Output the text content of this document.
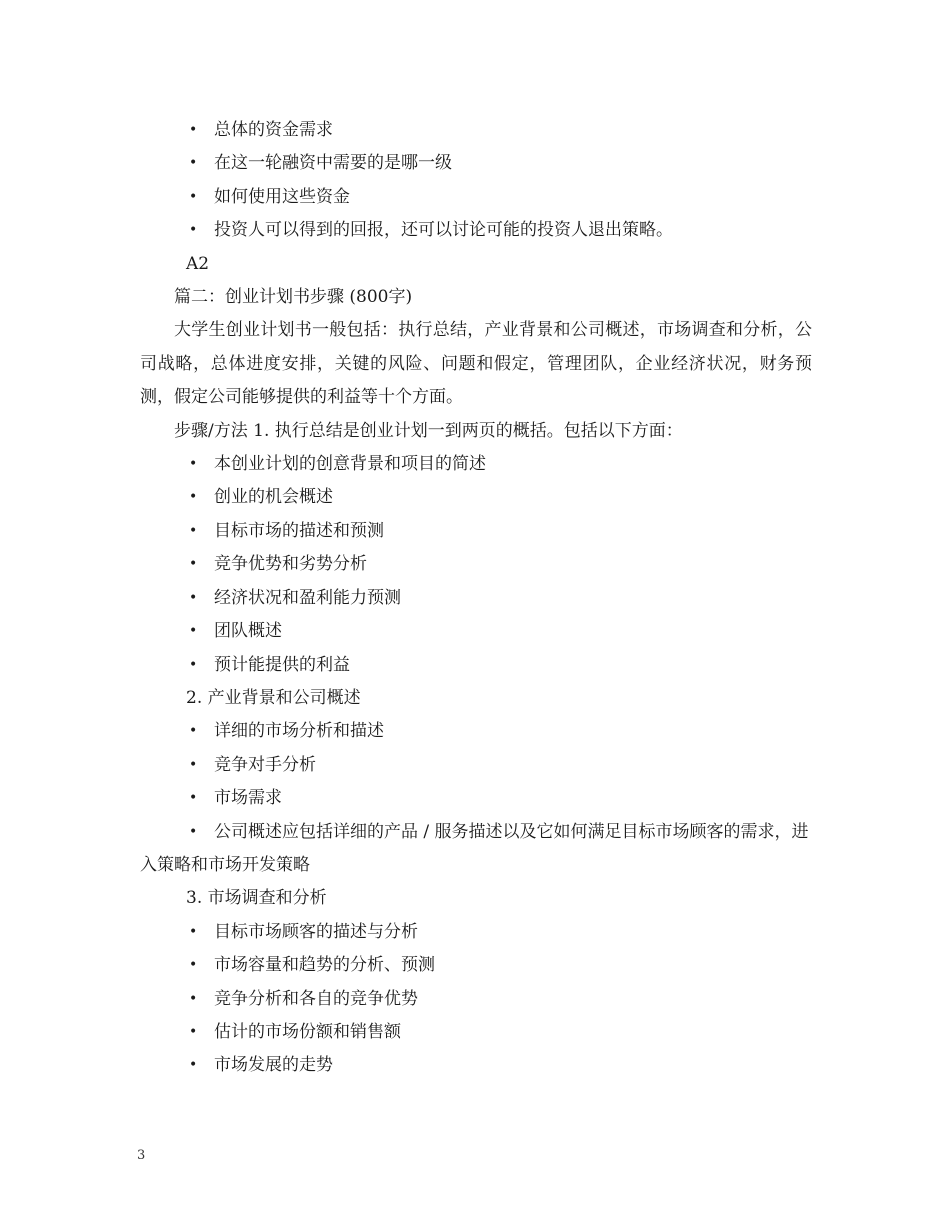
• 总体的资金需求
• 在这一轮融资中需要的是哪一级
• 如何使用这些资金
• 投资人可以得到的回报，还可以讨论可能的投资人退出策略。
A2
篇二：创业计划书步骤 (800字)
大学生创业计划书一般包括：执行总结，产业背景和公司概述，市场调查和分析，公司战略，总体进度安排，关键的风险、问题和假定，管理团队，企业经济状况，财务预测，假定公司能够提供的利益等十个方面。
步骤/方法 1. 执行总结是创业计划一到两页的概括。包括以下方面：
• 本创业计划的创意背景和项目的简述
• 创业的机会概述
• 目标市场的描述和预测
• 竞争优势和劣势分析
• 经济状况和盈利能力预测
• 团队概述
• 预计能提供的利益
2. 产业背景和公司概述
• 详细的市场分析和描述
• 竞争对手分析
• 市场需求
• 公司概述应包括详细的产品 / 服务描述以及它如何满足目标市场顾客的需求，进入策略和市场开发策略
3. 市场调查和分析
• 目标市场顾客的描述与分析
• 市场容量和趋势的分析、预测
• 竞争分析和各自的竞争优势
• 估计的市场份额和销售额
• 市场发展的走势
3
